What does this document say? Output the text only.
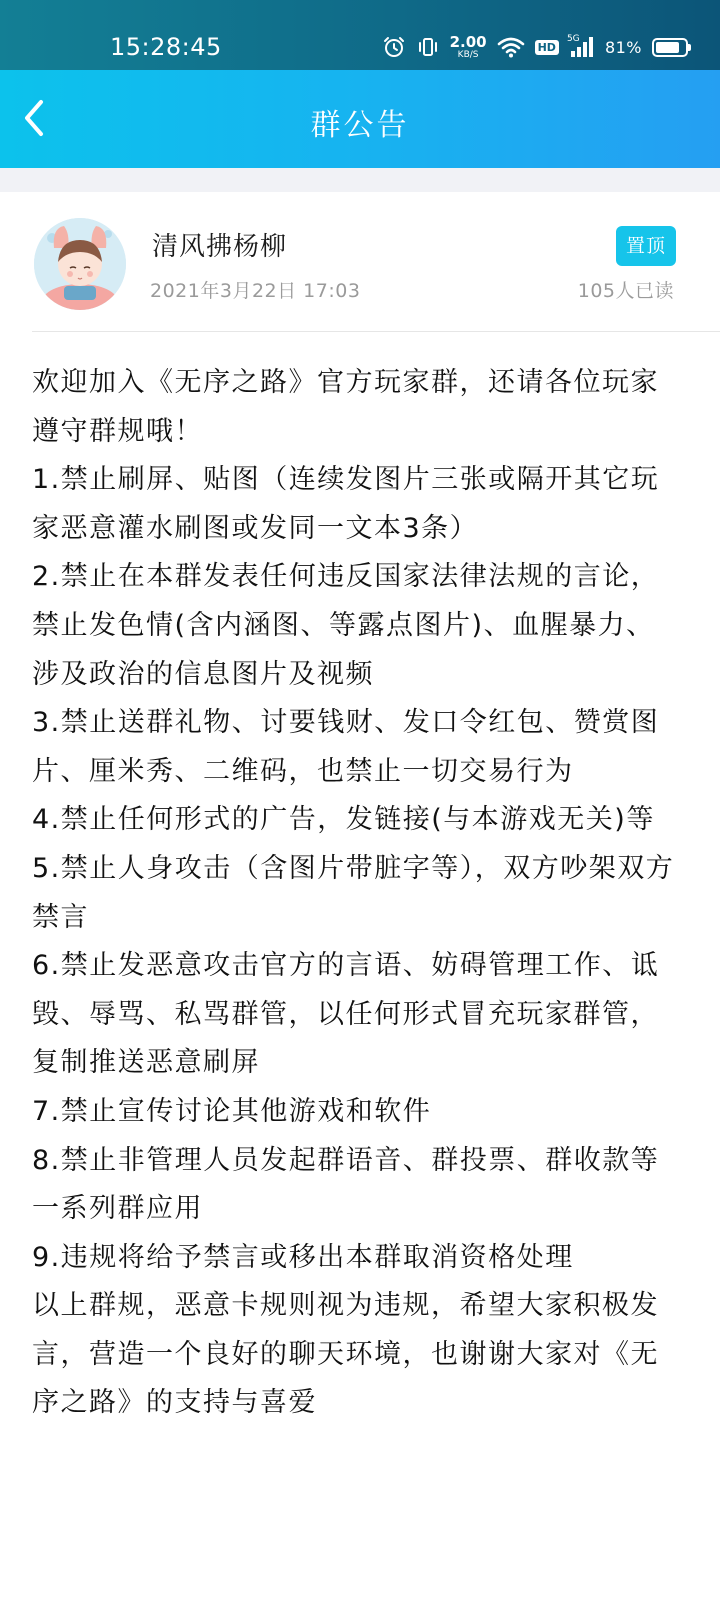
15:28:45	2.00
KB/S
HD
5G 81%
群公告
清风拂杨柳
2021年3月22日 17:03
置顶
105人已读

欢迎加入《无序之路》官方玩家群，还请各位玩家遵守群规哦！

1.禁止刷屏、贴图（连续发图片三张或隔开其它玩家恶意灌水刷图或发同一文本3条）

2.禁止在本群发表任何违反国家法律法规的言论，禁止发色情(含内涵图、等露点图片)、血腥暴力、涉及政治的信息图片及视频

3.禁止送群礼物、讨要钱财、发口令红包、赞赏图片、厘米秀、二维码，也禁止一切交易行为

4.禁止任何形式的广告，发链接(与本游戏无关)等

5.禁止人身攻击（含图片带脏字等），双方吵架双方禁言

6.禁止发恶意攻击官方的言语、妨碍管理工作、诋毁、辱骂、私骂群管，以任何形式冒充玩家群管，复制推送恶意刷屏

7.禁止宣传讨论其他游戏和软件

8.禁止非管理人员发起群语音、群投票、群收款等一系列群应用

9.违规将给予禁言或移出本群取消资格处理

以上群规，恶意卡规则视为违规，希望大家积极发言，营造一个良好的聊天环境，也谢谢大家对《无序之路》的支持与喜爱
